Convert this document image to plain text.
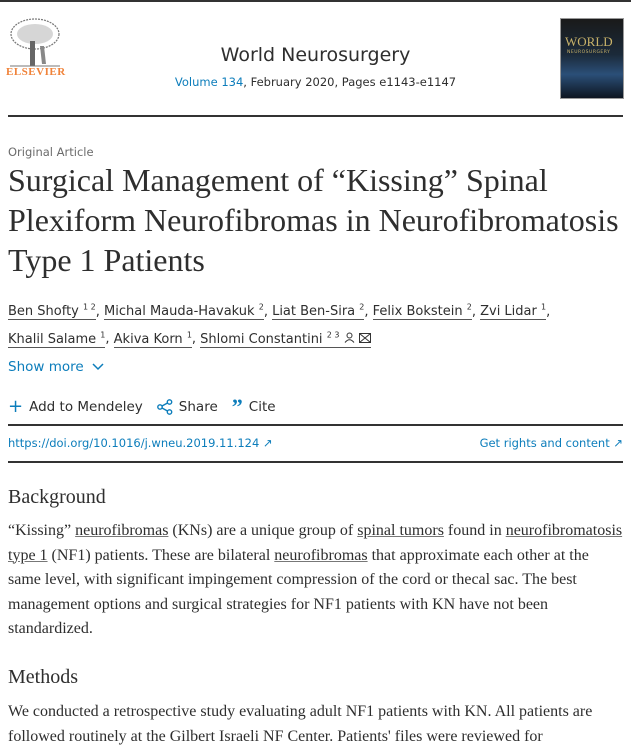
ELSEVIER
World Neurosurgery
Volume 134, February 2020, Pages e1143-e1147
WORLD
NEUROSURGERY
Original Article
Surgical Management of “Kissing” Spinal Plexiform Neurofibromas in Neurofibromatosis Type 1 Patients
Ben Shofty $^{1 2}$, Michal Mauda-Havakuk $^2$, Liat Ben-Sira $^2$, Felix Bokstein $^2$, Zvi Lidar $^1$,
Khalil Salame $^1$, Akiva Korn $^1$, Shlomi Constantini $^{2 3}$
Show more
+ Add to Mendeley	Share ” Cite
https://doi.org/10.1016/j.wneu.2019.11.124 ↗	Get rights and content ↗
Background
“Kissing” neurofibromas (KNs) are a unique group of spinal tumors found in neurofibromatosis type 1 (NF1) patients. These are bilateral neurofibromas that approximate each other at the same level, with significant impingement compression of the cord or thecal sac. The best management options and surgical strategies for NF1 patients with KN have not been standardized.
Methods
We conducted a retrospective study evaluating adult NF1 patients with KN. All patients are followed routinely at the Gilbert Israeli NF Center. Patients' files were reviewed for
